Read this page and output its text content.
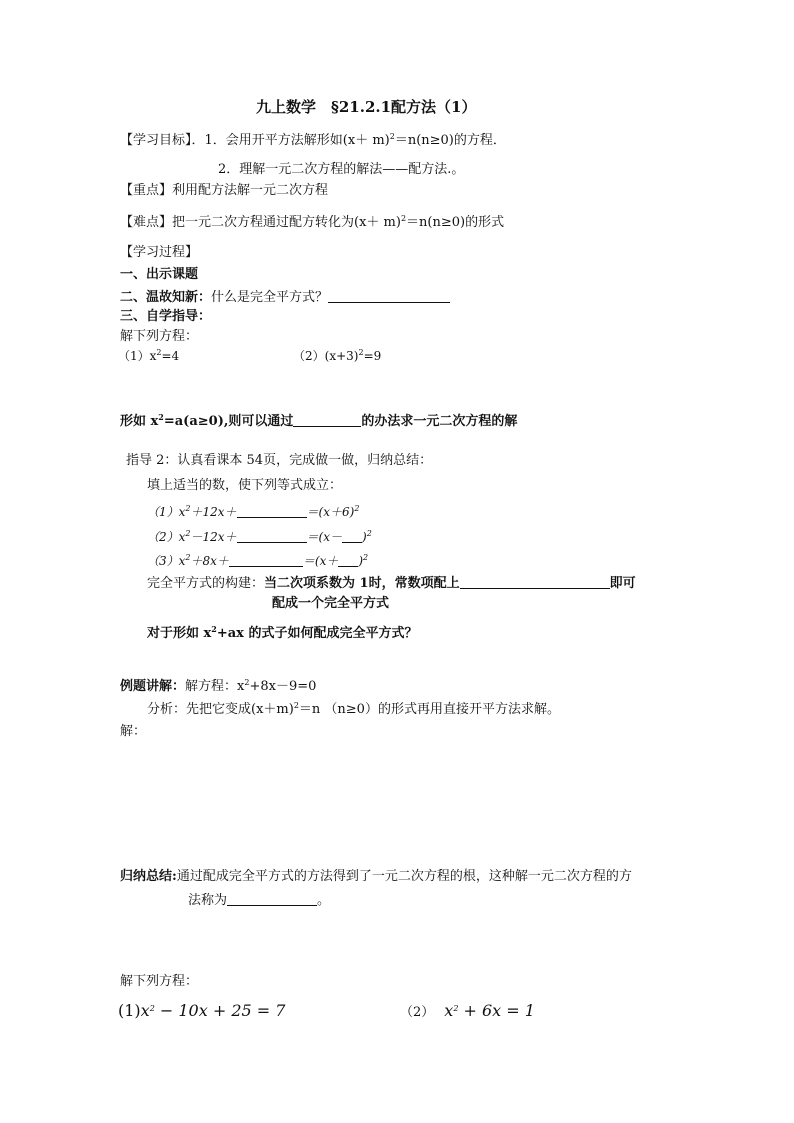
九上数学　§21.2.1配方法（1）
【学习目标】．1．会用开平方法解形如$(x+ m)^2=n(n\ge 0)$的方程．
2．理解一元二次方程的解法——配方法.。
【重点】利用配方法解一元二次方程
【难点】把一元二次方程通过配方转化为$(x+ m)^2=n(n\ge 0)$的形式
【学习过程】
一、出示课题
二、温故知新：什么是完全平方式？
三、自学指导：
解下列方程：
$(1)x^2=4$	$(2)(x+3)^2=9$
形如 $x^2=a(a\ge 0)$,则可以通过	的办法求一元二次方程的解
指导 2：认真看课本 54页，完成做一做，归纳总结：
填上适当的数，使下列等式成立：
$(1)x^2+12x+$	$=(x+6)^2$
$(2)x^2-12x+$	$=(x- )^2$
$(3)x^2+8x+$	$=(x+ )^2$
完全平方式的构建：当二次项系数为 1时，常数项配上	即可
配成一个完全平方式
对于形如 $x^2+ax$ 的式子如何配成完全平方式？
例题讲解：解方程：$x^2+8x-9=0$
分析：先把它变成$(x+m)^2=n$ （n≥0）的形式再用直接开平方法求解。
解：
归纳总结:通过配成完全平方式的方法得到了一元二次方程的根，这种解一元二次方程的方
法称为	。
解下列方程：
$(1)x^2 - 10x + 25 = 7$	（2） $x^2 + 6x = 1$
